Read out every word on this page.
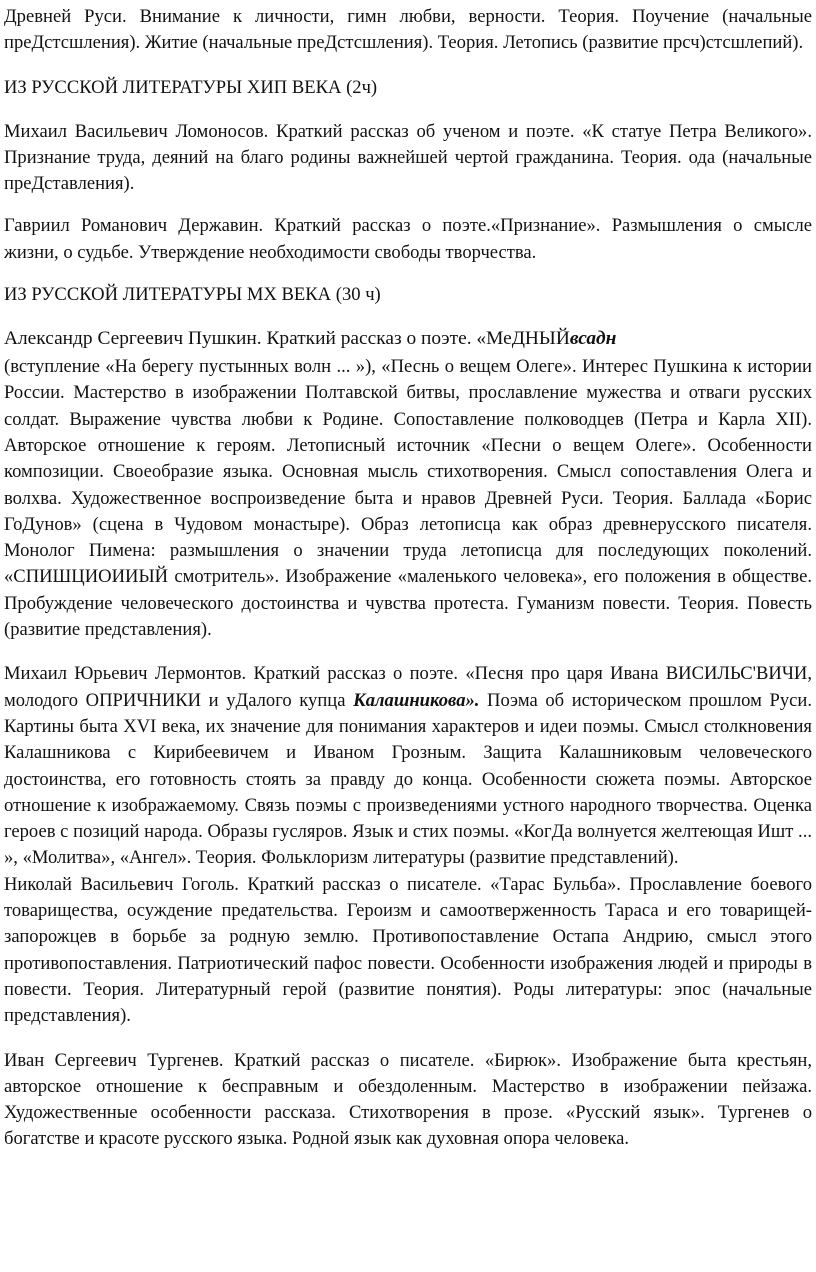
Древней Руси. Внимание к личности, гимн любви, верности. Теория. Поучение (начальные преДстсшления). Житие (начальные преДстсшления). Теория. Летопись (развитие прсч)стсшлепий).

ИЗ РУССКОЙ ЛИТЕРАТУРЫ ХИП ВЕКА (2ч)

Михаил Васильевич Ломоносов. Краткий рассказ об ученом и поэте. «К статуе Петра Великого». Признание труда, деяний на благо родины важнейшей чертой гражданина. Теория. ода (начальные преДставления).

Гавриил Романович Державин. Краткий рассказ о поэте.«Признание». Размышления о смысле жизни, о судьбе. Утверждение необходимости свободы творчества.

ИЗ РУССКОЙ ЛИТЕРАТУРЫ МХ ВЕКА (30 ч)

Александр Сергеевич Пушкин. Краткий рассказ о поэте. «МеДНЫЙвсадн

(вступление «На берегу пустынных волн ... »), «Песнь о вещем Олеге». Интерес Пушкина к истории России. Мастерство в изображении Полтавской битвы, прославление мужества и отваги русских солдат. Выражение чувства любви к Родине. Сопоставление полководцев (Петра и Карла XII). Авторское отношение к героям. Летописный источник «Песни о вещем Олеге». Особенности композиции. Своеобразие языка. Основная мысль стихотворения. Смысл сопоставления Олега и волхва. Художественное воспроизведение быта и нравов Древней Руси. Теория. Баллада «Борис ГоДунов» (сцена в Чудовом монастыре). Образ летописца как образ древнерусского писателя. Монолог Пимена: размышления о значении труда летописца для последующих поколений. «СПИШЦИОИИЫЙ смотритель». Изображение «маленького человека», его положения в обществе. Пробуждение человеческого достоинства и чувства протеста. Гуманизм повести. Теория. Повесть (развитие представления).

Михаил Юрьевич Лермонтов. Краткий рассказ о поэте. «Песня про царя Ивана ВИСИЛЬС'ВИЧИ, молодого ОПРИЧНИКИ и уДалого купца Калашникова». Поэма об историческом прошлом Руси. Картины быта XVI века, их значение для понимания характеров и идеи поэмы. Смысл столкновения Калашникова с Кирибеевичем и Иваном Грозным. Защита Калашниковым человеческого достоинства, его готовность стоять за правду до конца. Особенности сюжета поэмы. Авторское отношение к изображаемому. Связь поэмы с произведениями устного народного творчества. Оценка героев с позиций народа. Образы гусляров. Язык и стих поэмы. «КогДа волнуется желтеющая Ишт ... », «Молитва», «Ангел». Теория. Фольклоризм литературы (развитие представлений).

Николай Васильевич Гоголь. Краткий рассказ о писателе. «Тарас Бульба». Прославление боевого товарищества, осуждение предательства. Героизм и самоотверженность Тараса и его товарищей-запорожцев в борьбе за родную землю. Противопоставление Остапа Андрию, смысл этого противопоставления. Патриотический пафос повести. Особенности изображения людей и природы в повести. Теория. Литературный герой (развитие понятия). Роды литературы: эпос (начальные представления).

Иван Сергеевич Тургенев. Краткий рассказ о писателе. «Бирюк». Изображение быта крестьян, авторское отношение к бесправным и обездоленным. Мастерство в изображении пейзажа. Художественные особенности рассказа. Стихотворения в прозе. «Русский язык». Тургенев о богатстве и красоте русского языка. Родной язык как духовная опора человека.
